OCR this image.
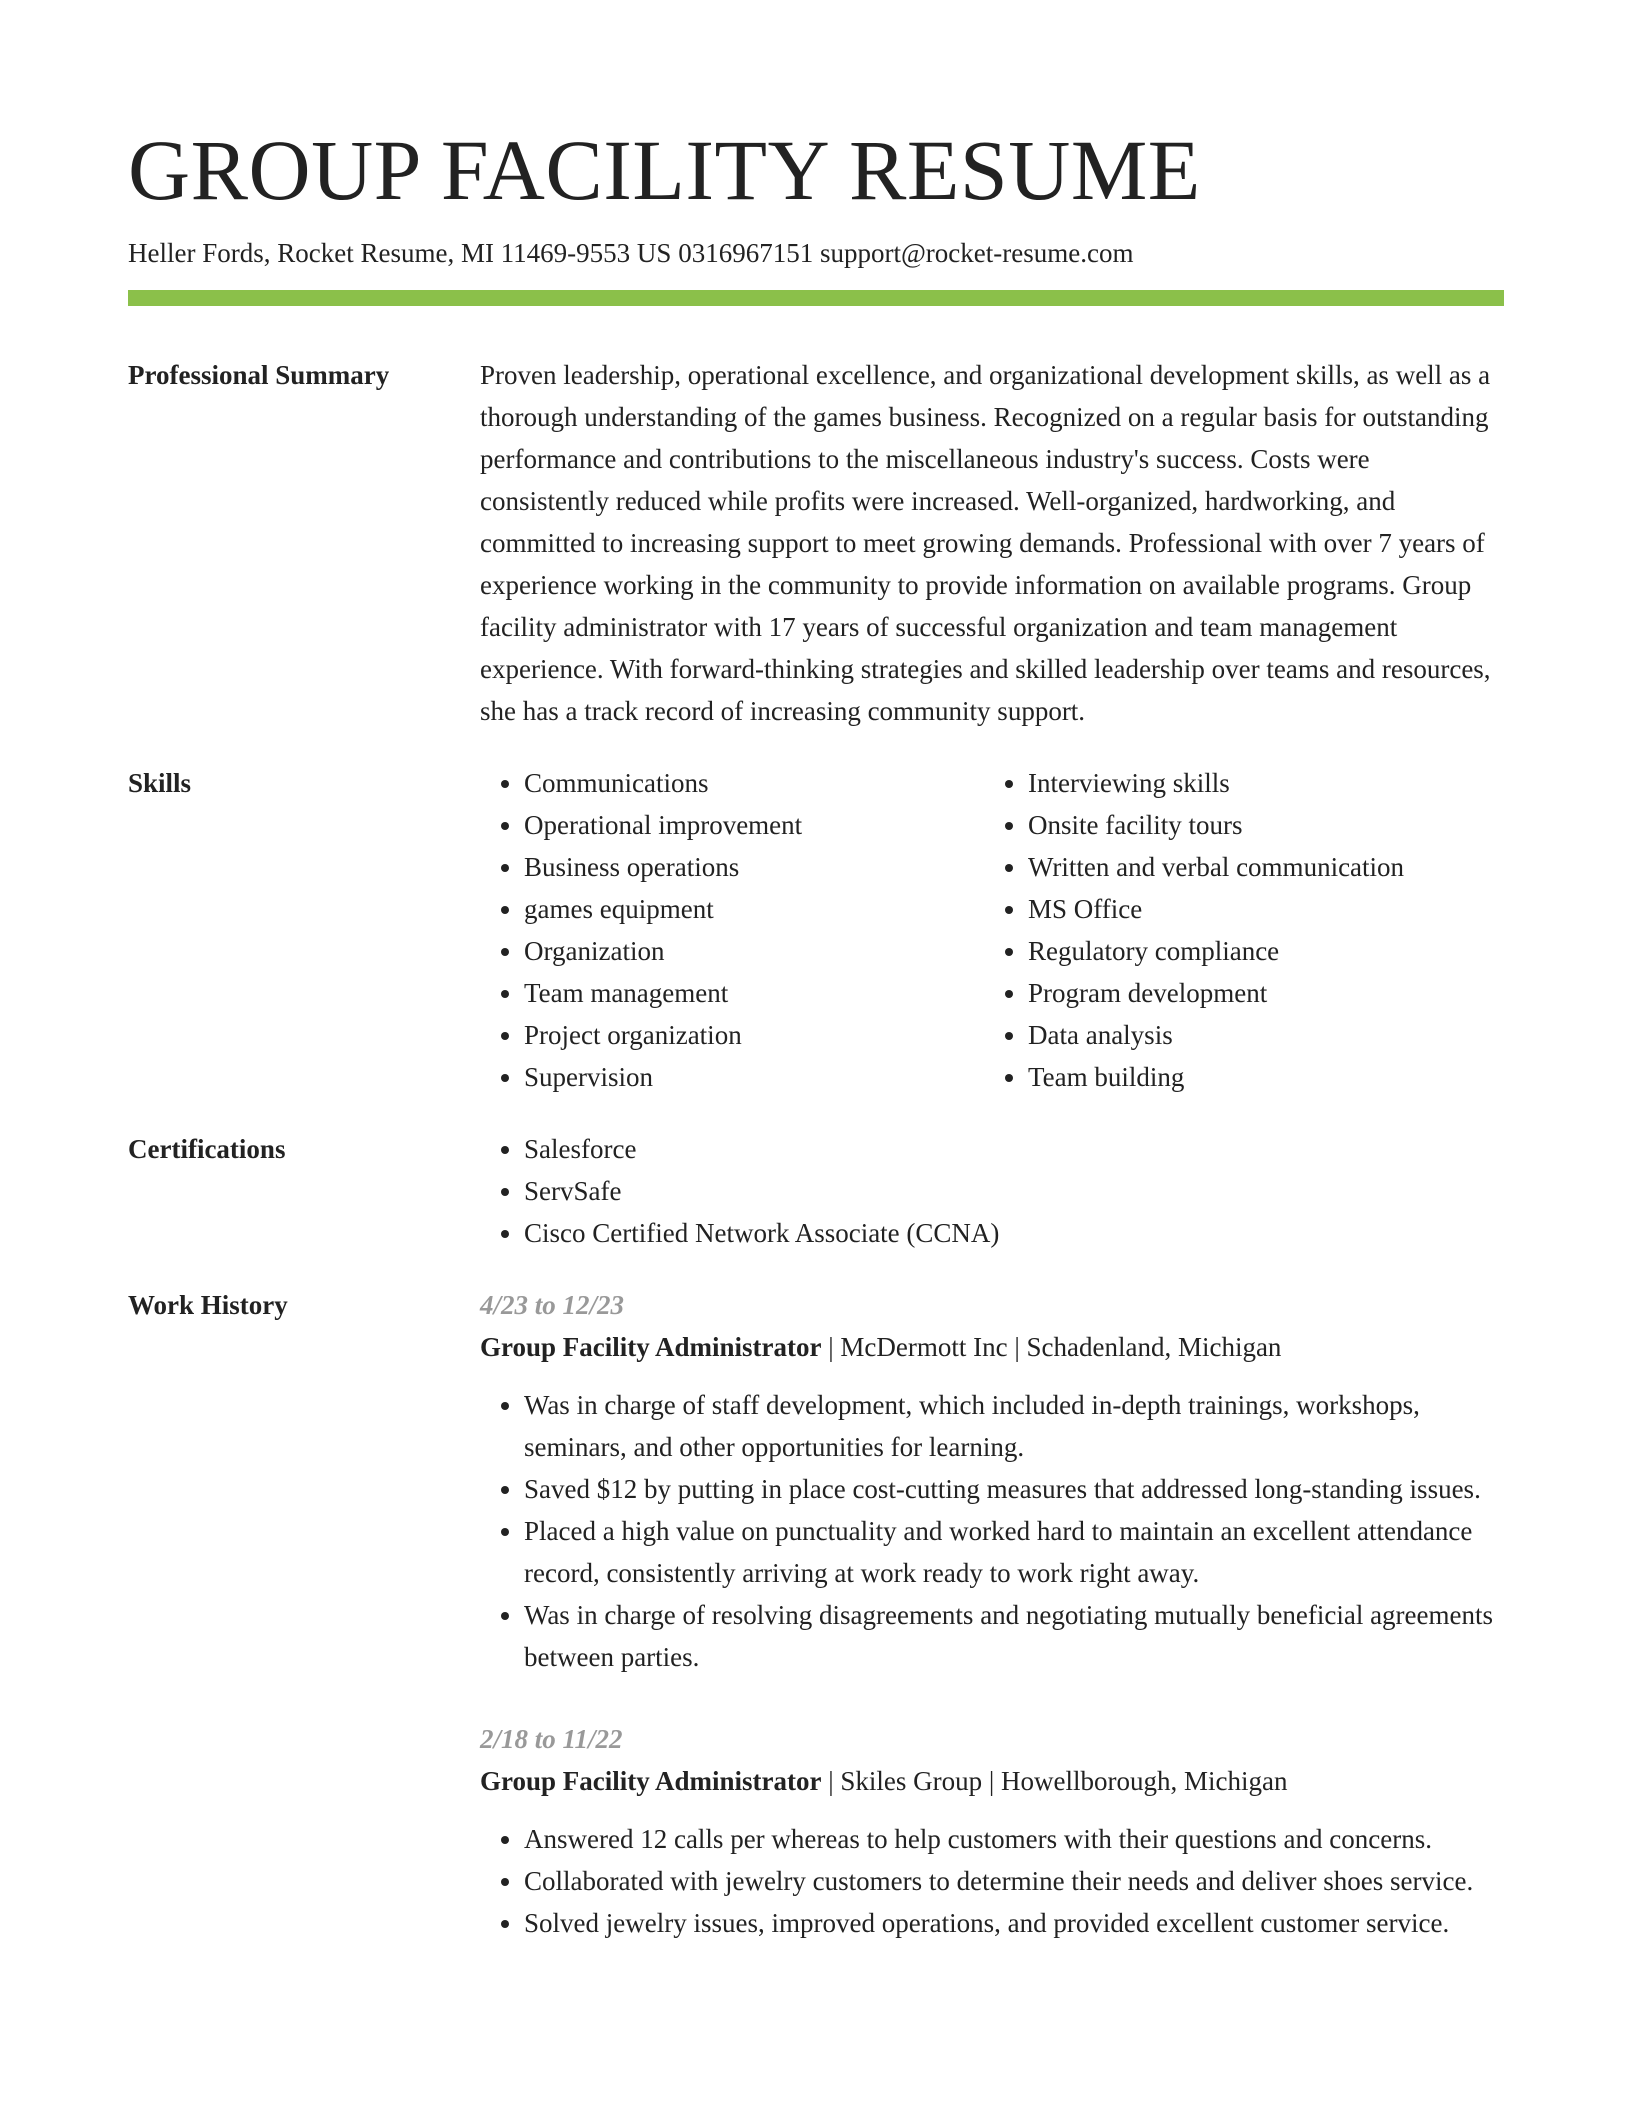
GROUP FACILITY RESUME
Heller Fords, Rocket Resume, MI 11469-9553 US 0316967151 support@rocket-resume.com
Professional Summary	Proven leadership, operational excellence, and organizational development skills, as well as a thorough understanding of the games business. Recognized on a regular basis for outstanding performance and contributions to the miscellaneous industry's success. Costs were consistently reduced while profits were increased. Well-organized, hardworking, and committed to increasing support to meet growing demands. Professional with over 7 years of experience working in the community to provide information on available programs. Group facility administrator with 17 years of successful organization and team management experience. With forward-thinking strategies and skilled leadership over teams and resources, she has a track record of increasing community support.

Skills	• Communications
• Operational improvement
• Business operations
• games equipment
• Organization
• Team management
• Project organization
• Supervision
• Interviewing skills
• Onsite facility tours
• Written and verbal communication
• MS Office
• Regulatory compliance
• Program development
• Data analysis
• Team building
Certifications	• Salesforce
• ServSafe
• Cisco Certified Network Associate (CCNA)
Work History	4/23 to 12/23
Group Facility Administrator | McDermott Inc | Schadenland, Michigan
• Was in charge of staff development, which included in-depth trainings, workshops, seminars, and other opportunities for learning.
• Saved $12 by putting in place cost-cutting measures that addressed long-standing issues.
• Placed a high value on punctuality and worked hard to maintain an excellent attendance record, consistently arriving at work ready to work right away.
• Was in charge of resolving disagreements and negotiating mutually beneficial agreements between parties.
2/18 to 11/22
Group Facility Administrator | Skiles Group | Howellborough, Michigan
• Answered 12 calls per whereas to help customers with their questions and concerns.
• Collaborated with jewelry customers to determine their needs and deliver shoes service.
• Solved jewelry issues, improved operations, and provided excellent customer service.
